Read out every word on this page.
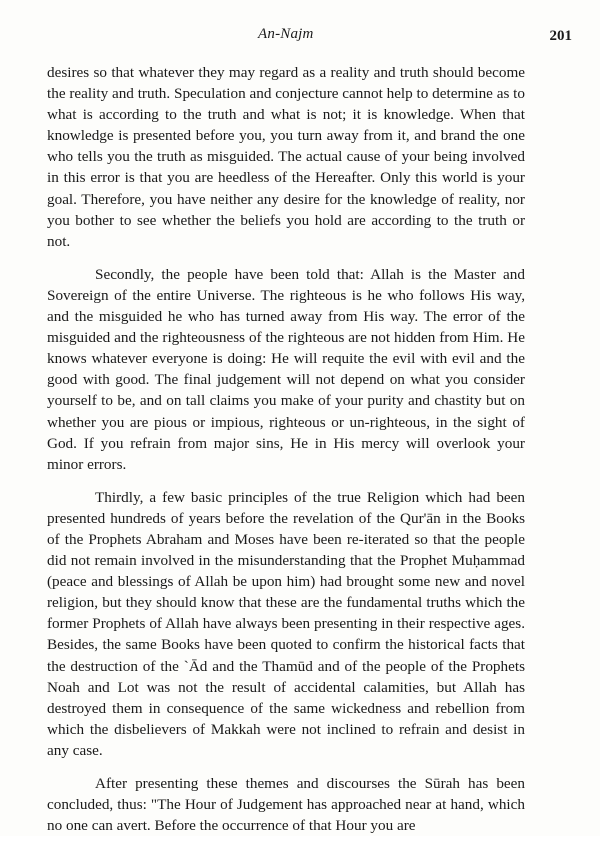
An-Najm	201

desires so that whatever they may regard as a reality and truth should become the reality and truth. Speculation and conjecture cannot help to determine as to what is according to the truth and what is not; it is knowledge. When that knowledge is presented before you, you turn away from it, and brand the one who tells you the truth as misguided. The actual cause of your being involved in this error is that you are heedless of the Hereafter. Only this world is your goal. Therefore, you have neither any desire for the knowledge of reality, nor you bother to see whether the beliefs you hold are according to the truth or not.

Secondly, the people have been told that: Allah is the Master and Sovereign of the entire Universe. The righteous is he who follows His way, and the misguided he who has turned away from His way. The error of the misguided and the righteousness of the righteous are not hidden from Him. He knows whatever everyone is doing: He will requite the evil with evil and the good with good. The final judgement will not depend on what you consider yourself to be, and on tall claims you make of your purity and chastity but on whether you are pious or impious, righteous or un-righteous, in the sight of God. If you refrain from major sins, He in His mercy will overlook your minor errors.

Thirdly, a few basic principles of the true Religion which had been presented hundreds of years before the revelation of the Qur'ān in the Books of the Prophets Abraham and Moses have been re-iterated so that the people did not remain involved in the misunderstanding that the Prophet Muḥammad (peace and blessings of Allah be upon him) had brought some new and novel religion, but they should know that these are the fundamental truths which the former Prophets of Allah have always been presenting in their respective ages. Besides, the same Books have been quoted to confirm the historical facts that the destruction of the `Ād and the Thamūd and of the people of the Prophets Noah and Lot was not the result of accidental calamities, but Allah has destroyed them in consequence of the same wickedness and rebellion from which the disbelievers of Makkah were not inclined to refrain and desist in any case.

After presenting these themes and discourses the Sūrah has been concluded, thus: "The Hour of Judgement has approached near at hand, which no one can avert. Before the occurrence of that Hour you are
